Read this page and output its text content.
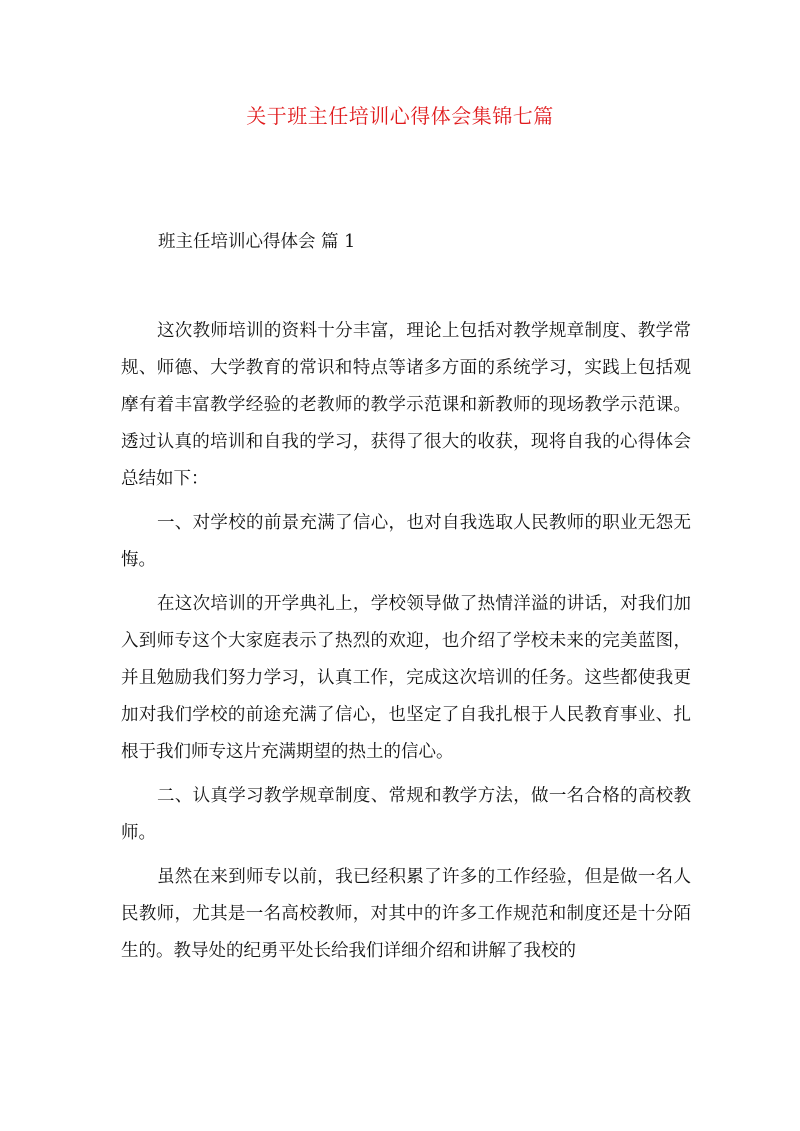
关于班主任培训心得体会集锦七篇
班主任培训心得体会 篇 1

这次教师培训的资料十分丰富，理论上包括对教学规章制度、教学常规、师德、大学教育的常识和特点等诸多方面的系统学习，实践上包括观摩有着丰富教学经验的老教师的教学示范课和新教师的现场教学示范课。透过认真的培训和自我的学习，获得了很大的收获，现将自我的心得体会总结如下：

一、对学校的前景充满了信心，也对自我选取人民教师的职业无怨无悔。

在这次培训的开学典礼上，学校领导做了热情洋溢的讲话，对我们加入到师专这个大家庭表示了热烈的欢迎，也介绍了学校未来的完美蓝图，并且勉励我们努力学习，认真工作，完成这次培训的任务。这些都使我更加对我们学校的前途充满了信心，也坚定了自我扎根于人民教育事业、扎根于我们师专这片充满期望的热土的信心。

二、认真学习教学规章制度、常规和教学方法，做一名合格的高校教师。

虽然在来到师专以前，我已经积累了许多的工作经验，但是做一名人民教师，尤其是一名高校教师，对其中的许多工作规范和制度还是十分陌生的。教导处的纪勇平处长给我们详细介绍和讲解了我校的
